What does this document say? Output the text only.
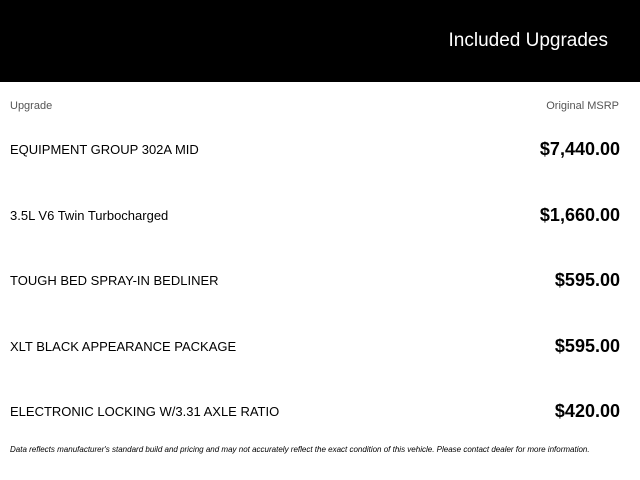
Included Upgrades
Upgrade	Original MSRP
EQUIPMENT GROUP 302A MID	$7,440.00
3.5L V6 Twin Turbocharged	$1,660.00
TOUGH BED SPRAY-IN BEDLINER	$595.00
XLT BLACK APPEARANCE PACKAGE	$595.00
ELECTRONIC LOCKING W/3.31 AXLE RATIO	$420.00
Data reflects manufacturer's standard build and pricing and may not accurately reflect the exact condition of this vehicle. Please contact dealer for more information.
